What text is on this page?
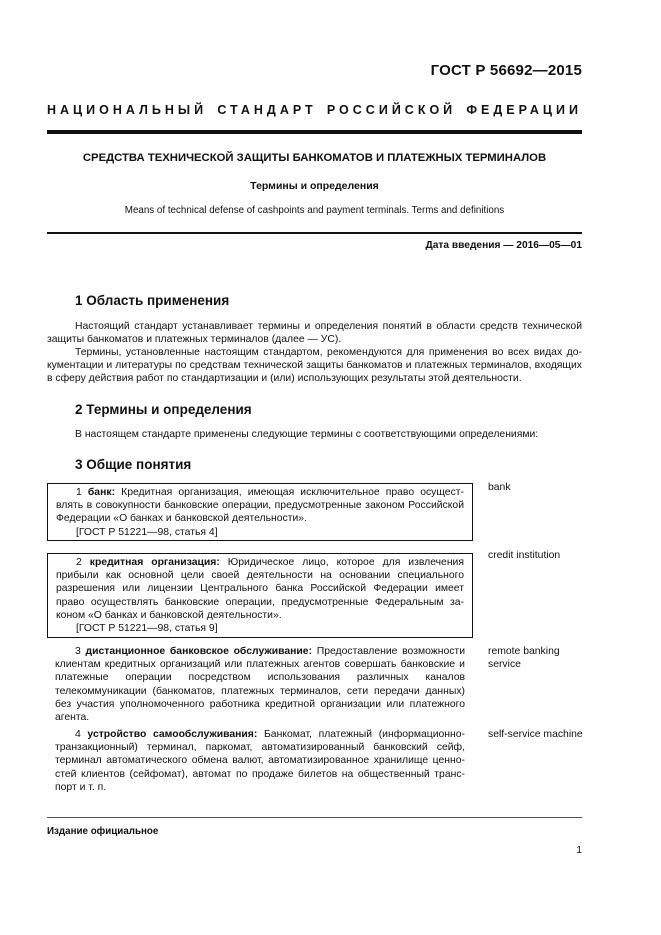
ГОСТ Р 56692—2015
НАЦИОНАЛЬНЫЙ СТАНДАРТ РОССИЙСКОЙ ФЕДЕРАЦИИ
СРЕДСТВА ТЕХНИЧЕСКОЙ ЗАЩИТЫ БАНКОМАТОВ И ПЛАТЕЖНЫХ ТЕРМИНАЛОВ
Термины и определения
Means of technical defense of cashpoints and payment terminals. Terms and definitions
Дата введения — 2016—05—01
1 Область применения
Настоящий стандарт устанавливает термины и определения понятий в области средств технической защиты банкоматов и платежных терминалов (далее — УС).
Термины, установленные настоящим стандартом, рекомендуются для применения во всех видах документации и литературы по средствам технической защиты банкоматов и платежных терминалов, входящих в сферу действия работ по стандартизации и (или) использующих результаты этой деятельности.
2 Термины и определения
В настоящем стандарте применены следующие термины с соответствующими определениями:
3 Общие понятия
1 банк: Кредитная организация, имеющая исключительное право осуществлять в совокупности банковские операции, предусмотренные законом Российской Федерации «О банках и банковской деятельности».
[ГОСТ Р 51221—98, статья 4]
bank
2 кредитная организация: Юридическое лицо, которое для извлечения прибыли как основной цели своей деятельности на основании специального разрешения или лицензии Центрального банка Российской Федерации имеет право осуществлять банковские операции, предусмотренные Федеральным законом «О банках и банковской деятельности».
[ГОСТ Р 51221—98, статья 9]
credit institution
3 дистанционное банковское обслуживание: Предоставление возможности клиентам кредитных организаций или платежных агентов совершать банковские и платежные операции посредством использования различных каналов телекоммуникации (банкоматов, платежных терминалов, сети передачи данных) без участия уполномоченного работника кредитной организации или платежного агента.
remote banking service
4 устройство самообслуживания: Банкомат, платежный (информационно-транзакционный) терминал, паркомат, автоматизированный банковский сейф, терминал автоматического обмена валют, автоматизированное хранилище ценностей клиентов (сейфомат), автомат по продаже билетов на общественный транспорт и т. п.
self-service machine
Издание официальное
1
